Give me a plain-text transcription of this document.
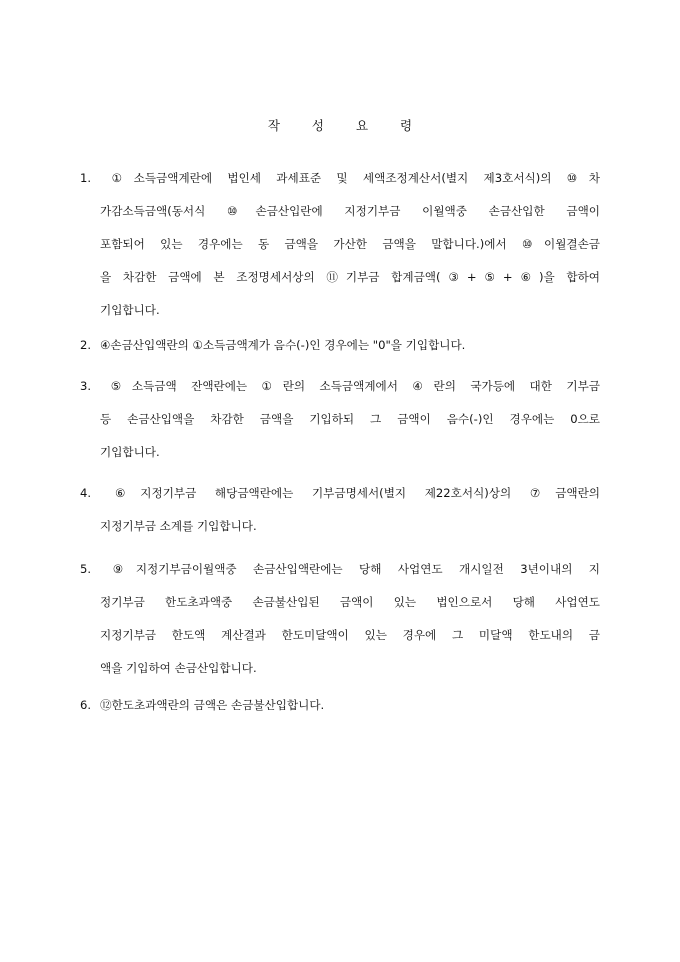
작	성	요	령
1. ①소득금액계란에 법인세 과세표준 및 세액조정계산서(별지 제3호서식)의 ⑩차
가감소득금액(동서식 ⑩손금산입란에 지정기부금 이월액중 손금산입한 금액이
포함되어 있는 경우에는 동 금액을 가산한 금액을 말합니다.)에서 ⑩이월결손금
을 차감한 금액에 본 조정명세서상의 ⑪기부금 합계금액(③+⑤+⑥)을 합하여
기입합니다.
2. ④손금산입액란의 ①소득금액계가 음수(-)인 경우에는 "0"을 기입합니다.
3. ⑤소득금액 잔액란에는 ①란의 소득금액계에서 ④란의 국가등에 대한 기부금
등 손금산입액을 차감한 금액을 기입하되 그 금액이 음수(-)인 경우에는 0으로
기입합니다.
4. ⑥지정기부금 해당금액란에는 기부금명세서(별지 제22호서식)상의 ⑦금액란의
지정기부금 소계를 기입합니다.
5. ⑨지정기부금이월액중 손금산입액란에는 당해 사업연도 개시일전 3년이내의 지
정기부금 한도초과액중 손금불산입된 금액이 있는 법인으로서 당해 사업연도
지정기부금 한도액 계산결과 한도미달액이 있는 경우에 그 미달액 한도내의 금
액을 기입하여 손금산입합니다.
6. ⑫한도초과액란의 금액은 손금불산입합니다.
